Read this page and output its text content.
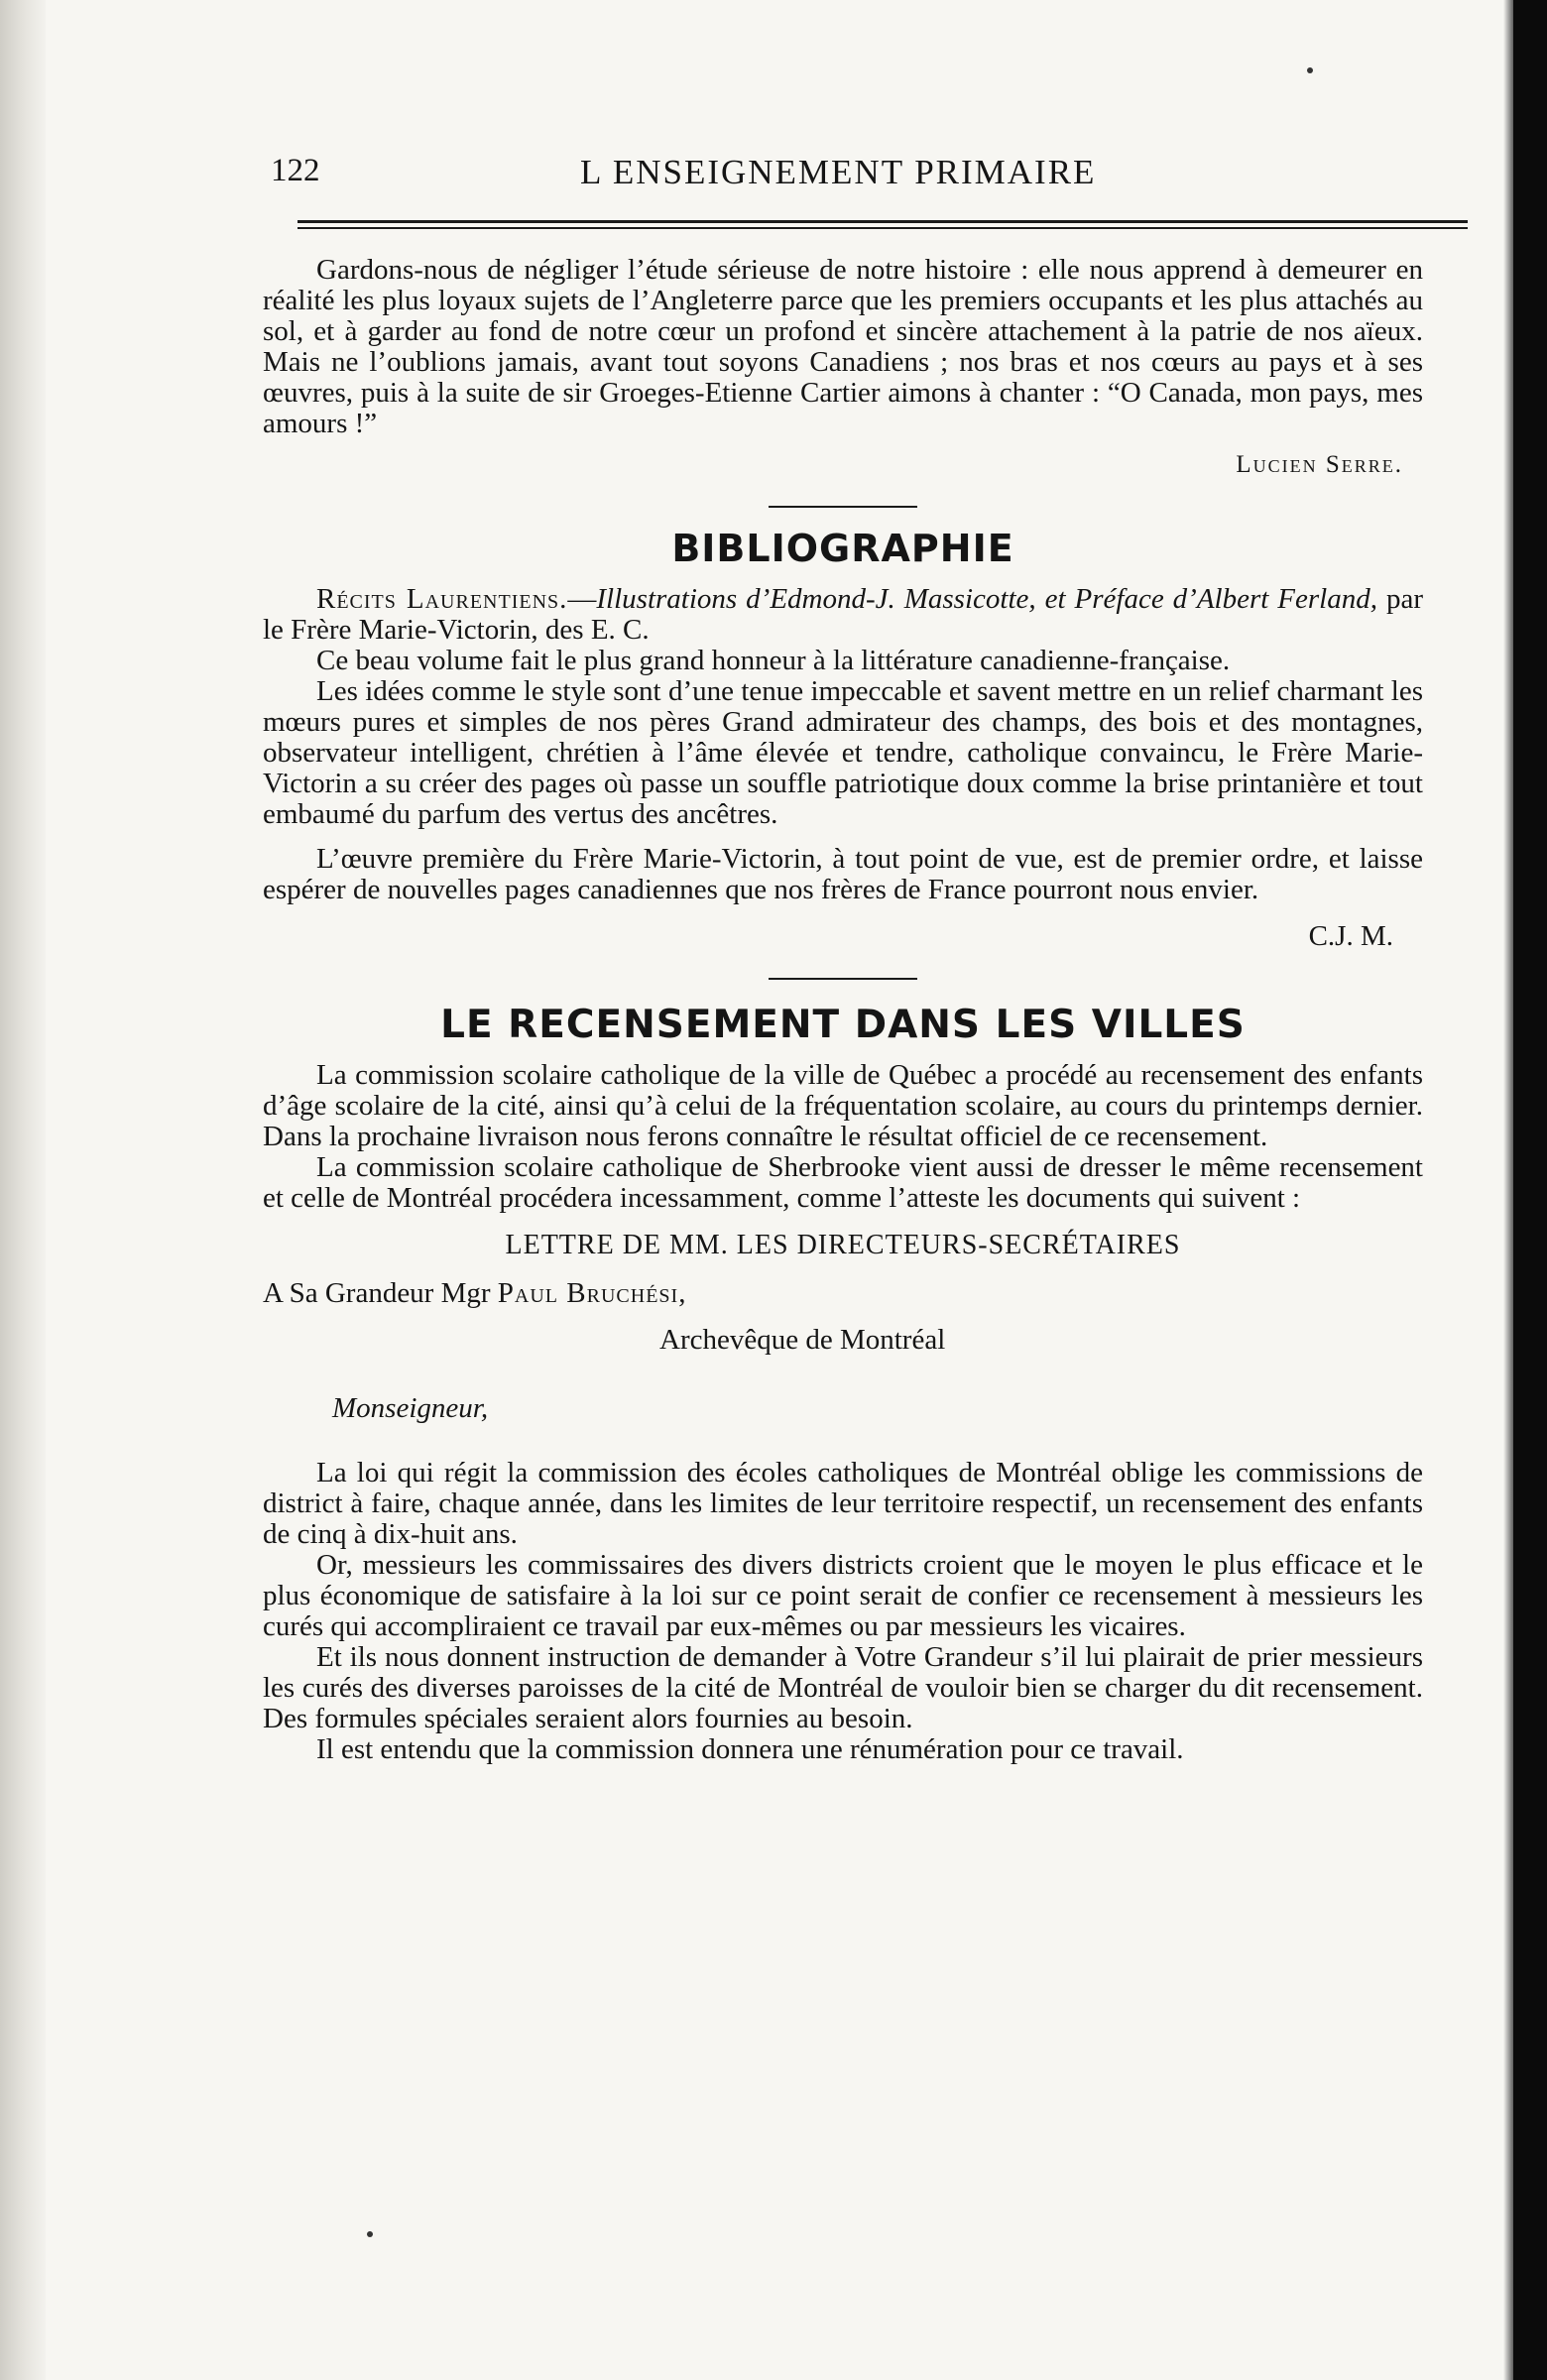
122	L ENSEIGNEMENT PRIMAIRE

Gardons-nous de négliger l’étude sérieuse de notre histoire : elle nous apprend à demeurer en réalité les plus loyaux sujets de l’Angleterre parce que les premiers occupants et les plus attachés au sol, et à garder au fond de notre cœur un profond et sincère attachement à la patrie de nos aïeux. Mais ne l’oublions jamais, avant tout soyons Canadiens ; nos bras et nos cœurs au pays et à ses œuvres, puis à la suite de sir Groeges-Etienne Cartier aimons à chanter : “O Canada, mon pays, mes amours !”

Lucien Serre.
BIBLIOGRAPHIE

Récits Laurentiens.—Illustrations d’Edmond-J. Massicotte, et Préface d’Albert Ferland, par le Frère Marie-Victorin, des E. C.

Ce beau volume fait le plus grand honneur à la littérature canadienne-française.

Les idées comme le style sont d’une tenue impeccable et savent mettre en un relief charmant les mœurs pures et simples de nos pères Grand admirateur des champs, des bois et des montagnes, observateur intelligent, chrétien à l’âme élevée et tendre, catholique convaincu, le Frère Marie-Victorin a su créer des pages où passe un souffle patriotique doux comme la brise printanière et tout embaumé du parfum des vertus des ancêtres.

L’œuvre première du Frère Marie-Victorin, à tout point de vue, est de premier ordre, et laisse espérer de nouvelles pages canadiennes que nos frères de France pourront nous envier.

C.J. M.
LE RECENSEMENT DANS LES VILLES

La commission scolaire catholique de la ville de Québec a procédé au recensement des enfants d’âge scolaire de la cité, ainsi qu’à celui de la fréquentation scolaire, au cours du printemps dernier. Dans la prochaine livraison nous ferons connaître le résultat officiel de ce recensement.

La commission scolaire catholique de Sherbrooke vient aussi de dresser le même recensement et celle de Montréal procédera incessamment, comme l’atteste les documents qui suivent :

LETTRE DE MM. LES DIRECTEURS-SECRÉTAIRES
A Sa Grandeur Mgr Paul Bruchési,
Archevêque de Montréal
Monseigneur,

La loi qui régit la commission des écoles catholiques de Montréal oblige les commissions de district à faire, chaque année, dans les limites de leur territoire respectif, un recensement des enfants de cinq à dix-huit ans.

Or, messieurs les commissaires des divers districts croient que le moyen le plus efficace et le plus économique de satisfaire à la loi sur ce point serait de confier ce recensement à messieurs les curés qui accompliraient ce travail par eux-mêmes ou par messieurs les vicaires.

Et ils nous donnent instruction de demander à Votre Grandeur s’il lui plairait de prier messieurs les curés des diverses paroisses de la cité de Montréal de vouloir bien se charger du dit recensement. Des formules spéciales seraient alors fournies au besoin.

Il est entendu que la commission donnera une rénumération pour ce travail.
